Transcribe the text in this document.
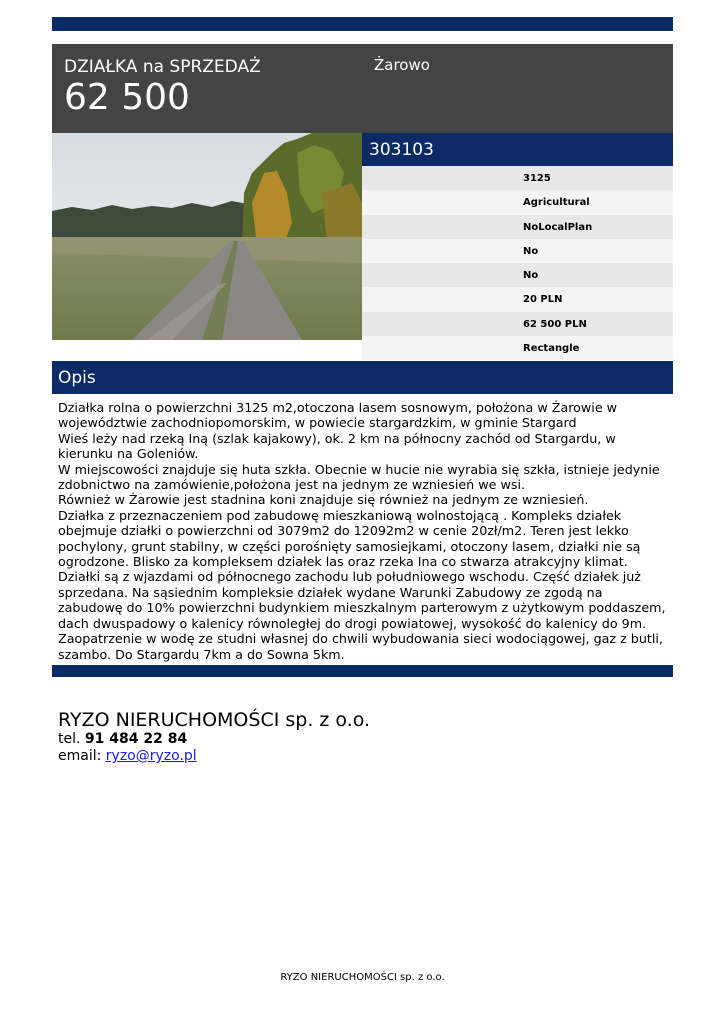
DZIAŁKA na SPRZEDAŻ
62 500
Żarowo
303103
3125
Agricultural
NoLocalPlan
No
No
20 PLN
62 500 PLN
Rectangle
Opis

Działka rolna o powierzchni 3125 m2,otoczona lasem sosnowym, położona w Żarowie w województwie zachodniopomorskim, w powiecie stargardzkim, w gminie Stargard

Wieś leży nad rzeką Iną (szlak kajakowy), ok. 2 km na północny zachód od Stargardu, w kierunku na Goleniów.

W miejscowości znajduje się huta szkła. Obecnie w hucie nie wyrabia się szkła, istnieje jedynie zdobnictwo na zamówienie,położona jest na jednym ze wzniesień we wsi.

Również w Żarowie jest stadnina koni znajduje się również na jednym ze wzniesień.

Działka z przeznaczeniem pod zabudowę mieszkaniową wolnostojącą . Kompleks działek obejmuje działki o powierzchni od 3079m2 do 12092m2 w cenie 20zł/m2. Teren jest lekko pochylony, grunt stabilny, w części porośnięty samosiejkami, otoczony lasem, działki nie są ogrodzone. Blisko za kompleksem działek las oraz rzeka Ina co stwarza atrakcyjny klimat. Działki są z wjazdami od północnego zachodu lub południowego wschodu. Część działek już sprzedana. Na sąsiednim kompleksie działek wydane Warunki Zabudowy ze zgodą na zabudowę do 10% powierzchni budynkiem mieszkalnym parterowym z użytkowym poddaszem, dach dwuspadowy o kalenicy równoległej do drogi powiatowej, wysokość do kalenicy do 9m. Zaopatrzenie w wodę ze studni własnej do chwili wybudowania sieci wodociągowej, gaz z butli, szambo. Do Stargardu 7km a do Sowna 5km.

RYZO NIERUCHOMOŚCI sp. z o.o.
tel. 91 484 22 84
email: ryzo@ryzo.pl
RYZO NIERUCHOMOŚCI sp. z o.o.
